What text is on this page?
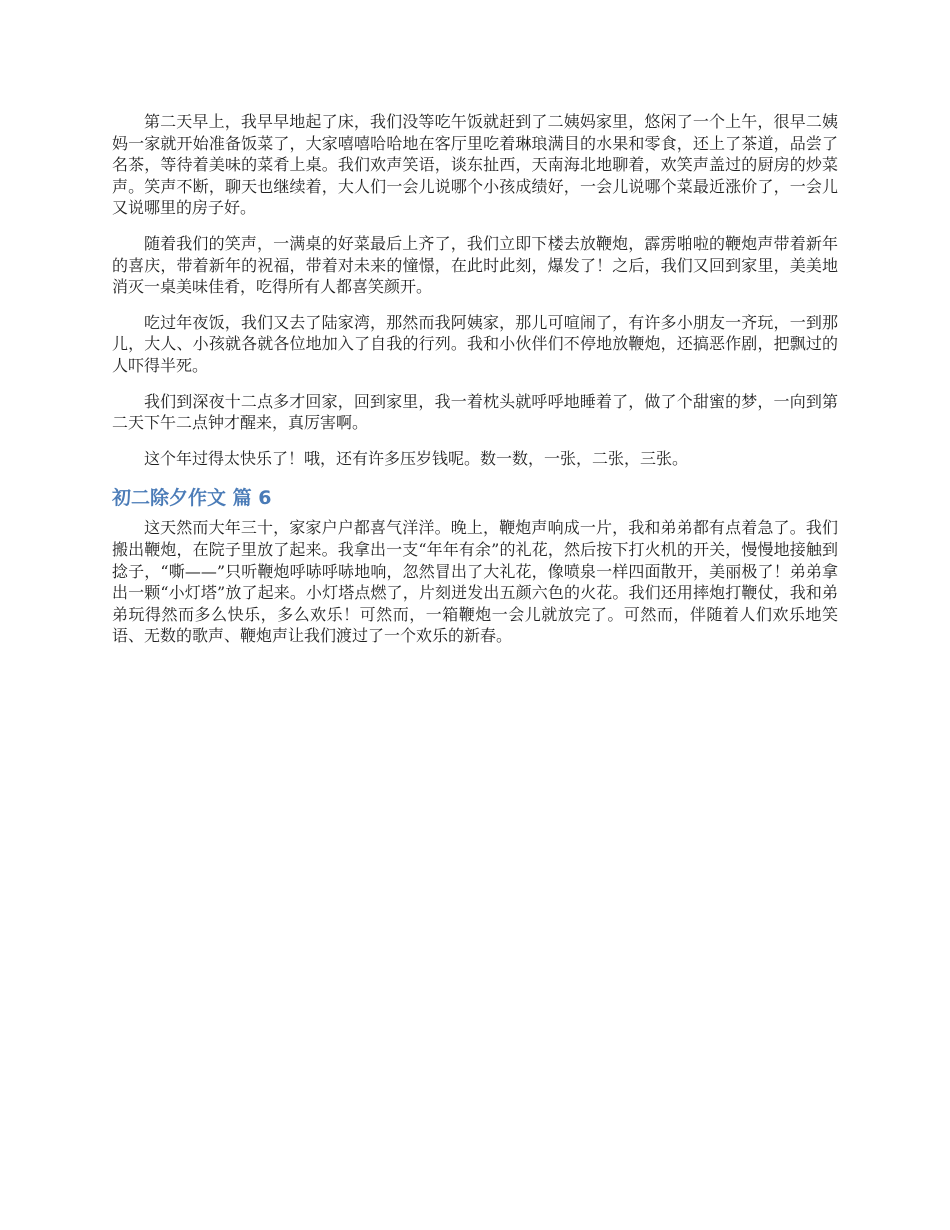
第二天早上，我早早地起了床，我们没等吃午饭就赶到了二姨妈家里，悠闲了一个上午，很早二姨妈一家就开始准备饭菜了，大家嘻嘻哈哈地在客厅里吃着琳琅满目的水果和零食，还上了茶道，品尝了名茶，等待着美味的菜肴上桌。我们欢声笑语，谈东扯西，天南海北地聊着，欢笑声盖过的厨房的炒菜声。笑声不断，聊天也继续着，大人们一会儿说哪个小孩成绩好，一会儿说哪个菜最近涨价了，一会儿又说哪里的房子好。

随着我们的笑声，一满桌的好菜最后上齐了，我们立即下楼去放鞭炮，霹雳啪啦的鞭炮声带着新年的喜庆，带着新年的祝福，带着对未来的憧憬，在此时此刻，爆发了！之后，我们又回到家里，美美地消灭一桌美味佳肴，吃得所有人都喜笑颜开。

吃过年夜饭，我们又去了陆家湾，那然而我阿姨家，那儿可喧闹了，有许多小朋友一齐玩，一到那儿，大人、小孩就各就各位地加入了自我的行列。我和小伙伴们不停地放鞭炮，还搞恶作剧，把飘过的人吓得半死。

我们到深夜十二点多才回家，回到家里，我一着枕头就呼呼地睡着了，做了个甜蜜的梦，一向到第二天下午二点钟才醒来，真厉害啊。

这个年过得太快乐了！哦，还有许多压岁钱呢。数一数，一张，二张，三张。

初二除夕作文 篇 6

这天然而大年三十，家家户户都喜气洋洋。晚上，鞭炮声响成一片，我和弟弟都有点着急了。我们搬出鞭炮，在院子里放了起来。我拿出一支“年年有余”的礼花，然后按下打火机的开关，慢慢地接触到捻子，“嘶——”只听鞭炮呼哧呼哧地响，忽然冒出了大礼花，像喷泉一样四面散开，美丽极了！弟弟拿出一颗“小灯塔”放了起来。小灯塔点燃了，片刻迸发出五颜六色的火花。我们还用摔炮打鞭仗，我和弟弟玩得然而多么快乐，多么欢乐！可然而，一箱鞭炮一会儿就放完了。可然而，伴随着人们欢乐地笑语、无数的歌声、鞭炮声让我们渡过了一个欢乐的新春。
